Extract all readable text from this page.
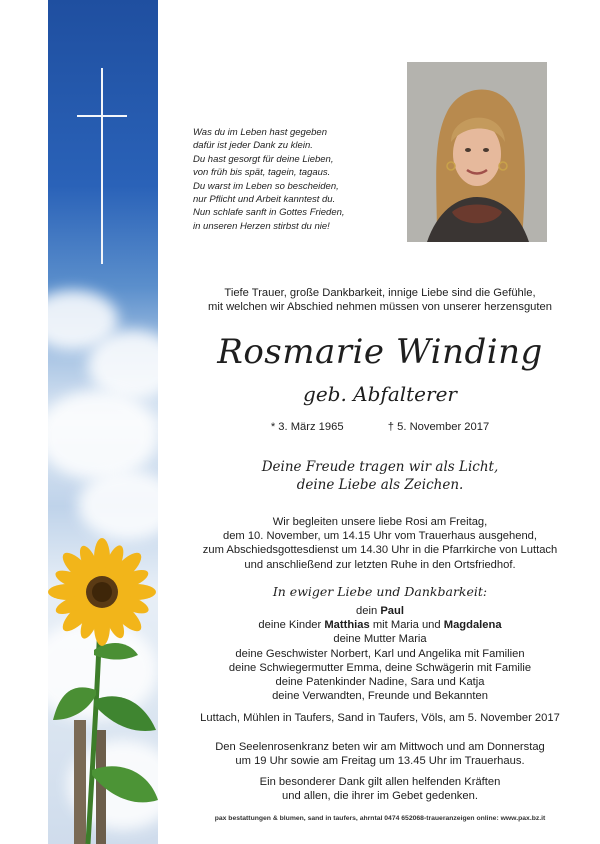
Was du im Leben hast gegeben
dafür ist jeder Dank zu klein.
Du hast gesorgt für deine Lieben,
von früh bis spät, tagein, tagaus.
Du warst im Leben so bescheiden,
nur Pflicht und Arbeit kanntest du.
Nun schlafe sanft in Gottes Frieden,
in unseren Herzen stirbst du nie!
Tiefe Trauer, große Dankbarkeit, innige Liebe sind die Gefühle,
mit welchen wir Abschied nehmen müssen von unserer herzensguten
Rosmarie Winding
geb. Abfalterer
* 3. März 1965	† 5. November 2017
Deine Freude tragen wir als Licht,
deine Liebe als Zeichen.
Wir begleiten unsere liebe Rosi am Freitag,
dem 10. November, um 14.15 Uhr vom Trauerhaus ausgehend,
zum Abschiedsgottesdienst um 14.30 Uhr in die Pfarrkirche von Luttach
und anschließend zur letzten Ruhe in den Ortsfriedhof.
In ewiger Liebe und Dankbarkeit:
dein Paul
deine Kinder Matthias mit Maria und Magdalena
deine Mutter Maria
deine Geschwister Norbert, Karl und Angelika mit Familien
deine Schwiegermutter Emma, deine Schwägerin mit Familie
deine Patenkinder Nadine, Sara und Katja
deine Verwandten, Freunde und Bekannten
Luttach, Mühlen in Taufers, Sand in Taufers, Völs, am 5. November 2017
Den Seelenrosenkranz beten wir am Mittwoch und am Donnerstag
um 19 Uhr sowie am Freitag um 13.45 Uhr im Trauerhaus.
Ein besonderer Dank gilt allen helfenden Kräften
und allen, die ihrer im Gebet gedenken.
pax bestattungen & blumen, sand in taufers, ahrntal 0474 652068-traueranzeigen online: www.pax.bz.it
